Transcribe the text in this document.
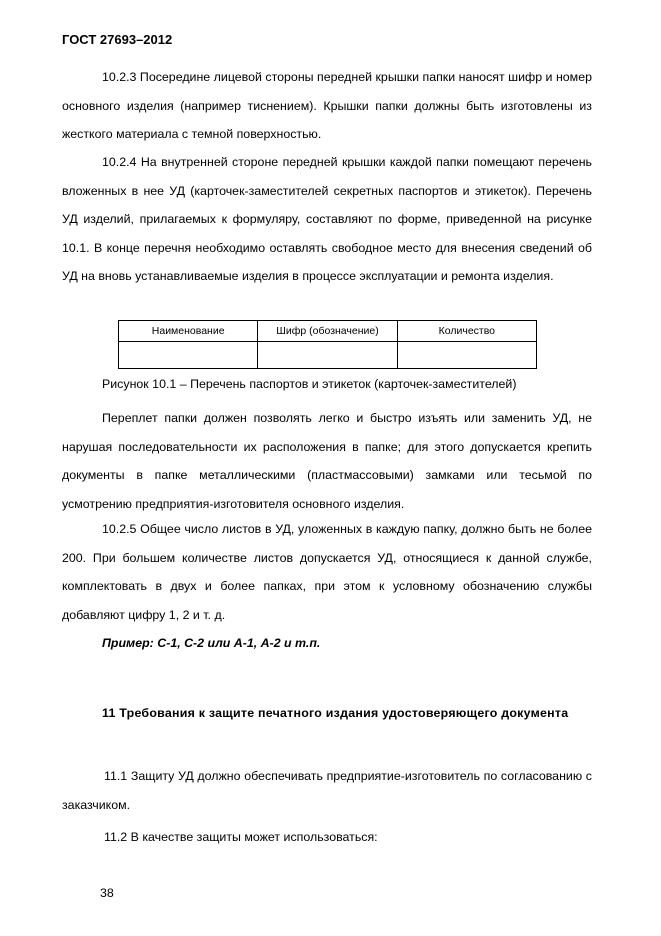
ГОСТ 27693–2012

10.2.3 Посередине лицевой стороны передней крышки папки наносят шифр и номер основного изделия (например тиснением). Крышки папки должны быть изготовлены из жесткого материала с темной поверхностью.

10.2.4 На внутренней стороне передней крышки каждой папки помещают перечень вложенных в нее УД (карточек-заместителей секретных паспортов и этикеток). Перечень УД изделий, прилагаемых к формуляру, составляют по форме, приведенной на рисунке 10.1. В конце перечня необходимо оставлять свободное место для внесения сведений об УД на вновь устанавливаемые изделия в процессе эксплуатации и ремонта изделия.

Наименование	Шифр (обозначение)	Количество

Рисунок 10.1 – Перечень паспортов и этикеток (карточек-заместителей)

Переплет папки должен позволять легко и быстро изъять или заменить УД, не нарушая последовательности их расположения в папке; для этого допускается крепить документы в папке металлическими (пластмассовыми) замками или тесьмой по усмотрению предприятия-изготовителя основного изделия.

10.2.5 Общее число листов в УД, уложенных в каждую папку, должно быть не более 200. При большем количестве листов допускается УД, относящиеся к данной службе, комплектовать в двух и более папках, при этом к условному обозначению службы добавляют цифру 1, 2 и т. д.

Пример: С-1, С-2 или А-1, А-2 и т.п.
11 Требования к защите печатного издания удостоверяющего документа

11.1 Защиту УД должно обеспечивать предприятие-изготовитель по согласованию с заказчиком.

11.2 В качестве защиты может использоваться:

38
